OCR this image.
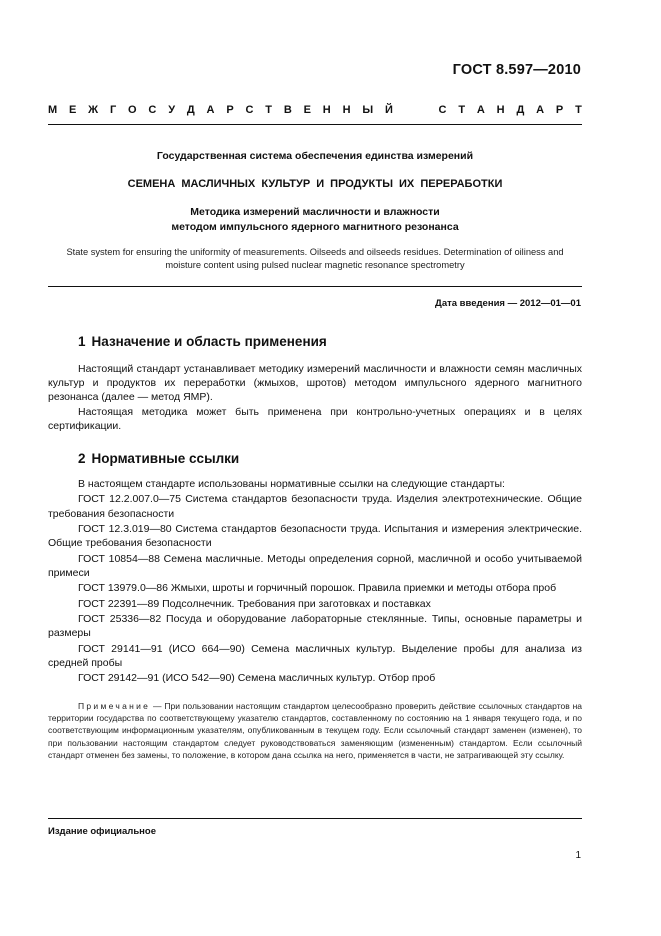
ГОСТ 8.597—2010
М Е Ж Г О С У Д А Р С Т В Е Н Н Ы Й	С Т А Н Д А Р Т
Государственная система обеспечения единства измерений
СЕМЕНА МАСЛИЧНЫХ КУЛЬТУР И ПРОДУКТЫ ИХ ПЕРЕРАБОТКИ
Методика измерений масличности и влажности
методом импульсного ядерного магнитного резонанса
State system for ensuring the uniformity of measurements. Oilseeds and oilseeds residues. Determination of oiliness and
moisture content using pulsed nuclear magnetic resonance spectrometry
Дата введения — 2012—01—01
1 Назначение и область применения

Настоящий стандарт устанавливает методику измерений масличности и влажности семян масличных культур и продуктов их переработки (жмыхов, шротов) методом импульсного ядерного магнитного резонанса (далее — метод ЯМР).

Настоящая методика может быть применена при контрольно-учетных операциях и в целях сертификации.

2 Нормативные ссылки

В настоящем стандарте использованы нормативные ссылки на следующие стандарты:

ГОСТ 12.2.007.0—75 Система стандартов безопасности труда. Изделия электротехнические. Общие требования безопасности

ГОСТ 12.3.019—80 Система стандартов безопасности труда. Испытания и измерения электрические. Общие требования безопасности

ГОСТ 10854—88 Семена масличные. Методы определения сорной, масличной и особо учитываемой примеси

ГОСТ 13979.0—86 Жмыхи, шроты и горчичный порошок. Правила приемки и методы отбора проб

ГОСТ 22391—89 Подсолнечник. Требования при заготовках и поставках

ГОСТ 25336—82 Посуда и оборудование лабораторные стеклянные. Типы, основные параметры и размеры

ГОСТ 29141—91 (ИСО 664—90) Семена масличных культур. Выделение пробы для анализа из средней пробы

ГОСТ 29142—91 (ИСО 542—90) Семена масличных культур. Отбор проб

Примечание — При пользовании настоящим стандартом целесообразно проверить действие ссылочных стандартов на территории государства по соответствующему указателю стандартов, составленному по состоянию на 1 января текущего года, и по соответствующим информационным указателям, опубликованным в текущем году. Если ссылочный стандарт заменен (изменен), то при пользовании настоящим стандартом следует руководствоваться заменяющим (измененным) стандартом. Если ссылочный стандарт отменен без замены, то положение, в котором дана ссылка на него, применяется в части, не затрагивающей эту ссылку.

Издание официальное
1
